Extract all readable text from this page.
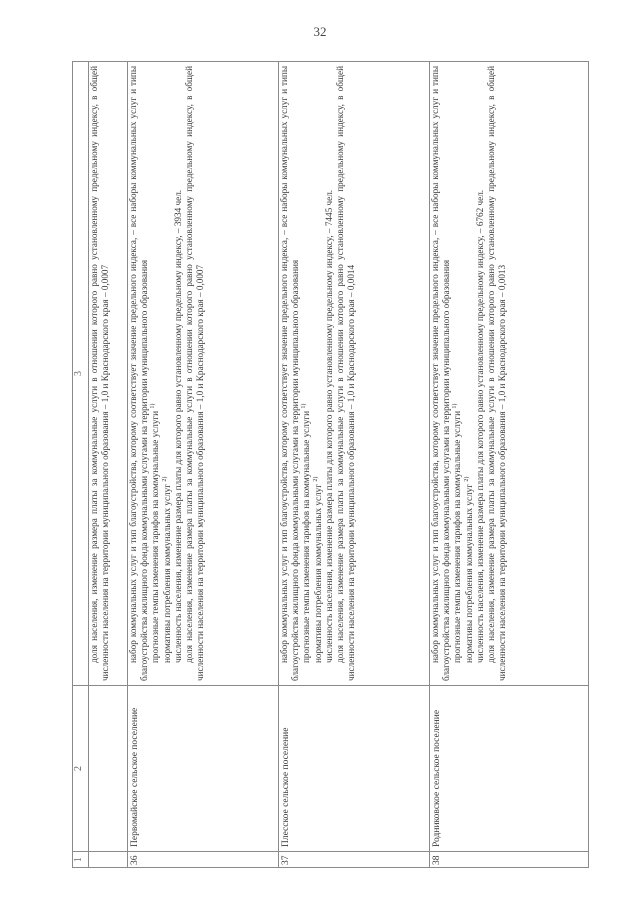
32
1	2	3

		доля населения, изменение размера платы за коммунальные услуги в отношении которого равно установленному предельному индексу, в общей численности населения на территории муниципального образования – 1,0 и Краснодарского края – 0,0007

36	Первомайское сельское поселение	набор коммунальных услуг и тип благоустройства, которому соответствует значение предельного индекса, – все наборы коммунальных услуг и типы благоустройства жилищного фонда коммунальными услугами на территории муниципального образования прогнозные темпы изменения тарифов на коммунальные услуги $^{1)}$

нормативы потребления коммунальных услуг $^{2)}$ численность населения, изменение размера платы для которого равно установленному предельному индексу, – 3934 чел. доля населения, изменение размера платы за коммунальные услуги в отношении которого равно установленному предельному индексу, в общей численности населения на территории муниципального образования – 1,0 и Краснодарского края – 0,0007

37	Плесское сельское поселение	набор коммунальных услуг и тип благоустройства, которому соответствует значение предельного индекса, – все наборы коммунальных услуг и типы благоустройства жилищного фонда коммунальными услугами на территории муниципального образования прогнозные темпы изменения тарифов на коммунальные услуги $^{1)}$

нормативы потребления коммунальных услуг $^{2)}$ численность населения, изменение размера платы для которого равно установленному предельному индексу, – 7445 чел. доля населения, изменение размера платы за коммунальные услуги в отношении которого равно установленному предельному индексу, в общей численности населения на территории муниципального образования – 1,0 и Краснодарского края – 0,0014

38	Родниковское сельское поселение	набор коммунальных услуг и тип благоустройства, которому соответствует значение предельного индекса, – все наборы коммунальных услуг и типы благоустройства жилищного фонда коммунальными услугами на территории муниципального образования прогнозные темпы изменения тарифов на коммунальные услуги $^{1)}$

нормативы потребления коммунальных услуг $^{2)}$ численность населения, изменение размера платы для которого равно установленному предельному индексу, – 6762 чел. доля населения, изменение размера платы за коммунальные услуги в отношении которого равно установленному предельному индексу, в общей численности населения на территории муниципального образования – 1,0 и Краснодарского края – 0,0013
